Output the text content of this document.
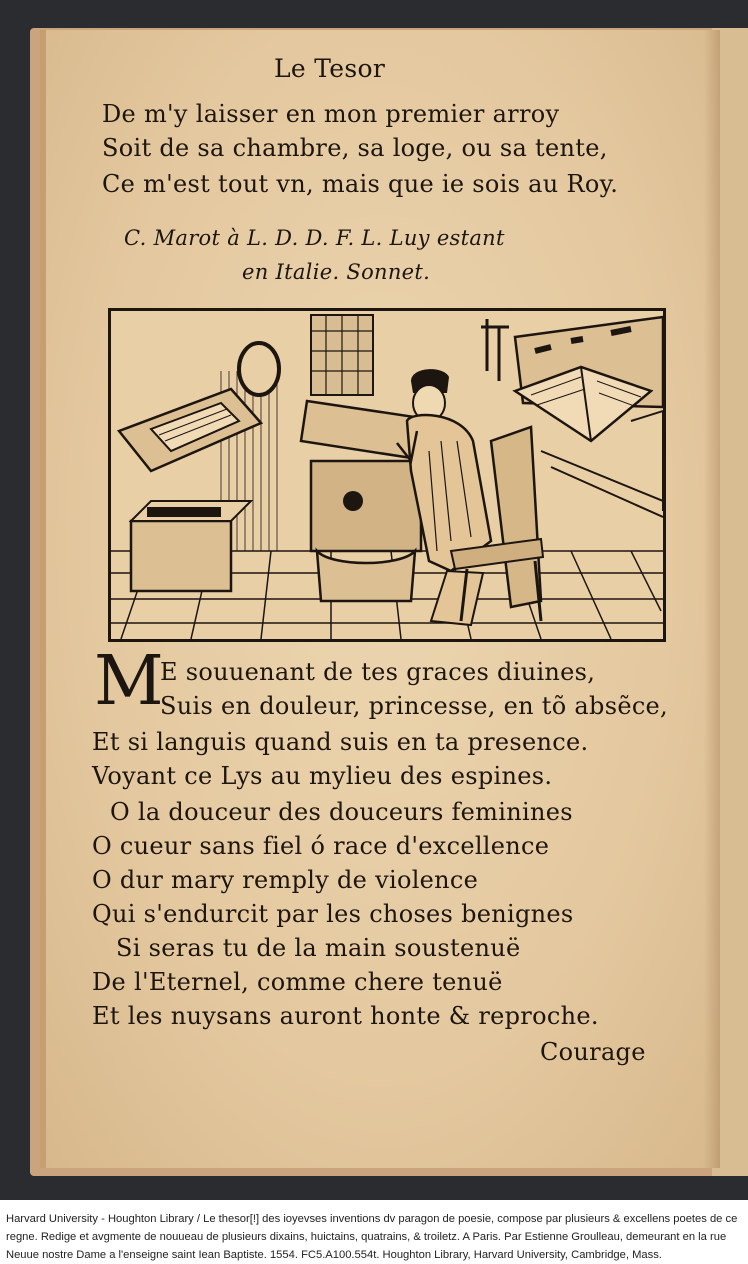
Le Tesor
De m'y laisser en mon premier arroy
Soit de sa chambre, sa loge, ou sa tente,
Ce m'est tout vn, mais que ie sois au Roy.
C. Marot à L. D. D. F. L. Luy estant
en Italie. Sonnet.
M
E souuenant de tes graces diuines,
Suis en douleur, princesse, en tõ absẽce,
Et si languis quand suis en ta presence.
Voyant ce Lys au mylieu des espines.
O la douceur des douceurs feminines
O cueur sans fiel ó race d'excellence
O dur mary remply de violence
Qui s'endurcit par les choses benignes
Si seras tu de la main soustenuë
De l'Eternel, comme chere tenuë
Et les nuysans auront honte & reproche.
Courage
Harvard University - Houghton Library / Le thesor[!] des ioyevses inventions dv paragon de poesie, compose par plusieurs & excellens poetes de ce regne. Redige et avgmente de nouueau de plusieurs dixains, huictains, quatrains, & troiletz. A Paris. Par Estienne Groulleau, demeurant en la rue Neuue nostre Dame a l'enseigne saint Iean Baptiste. 1554. FC5.A100.554t. Houghton Library, Harvard University, Cambridge, Mass.
